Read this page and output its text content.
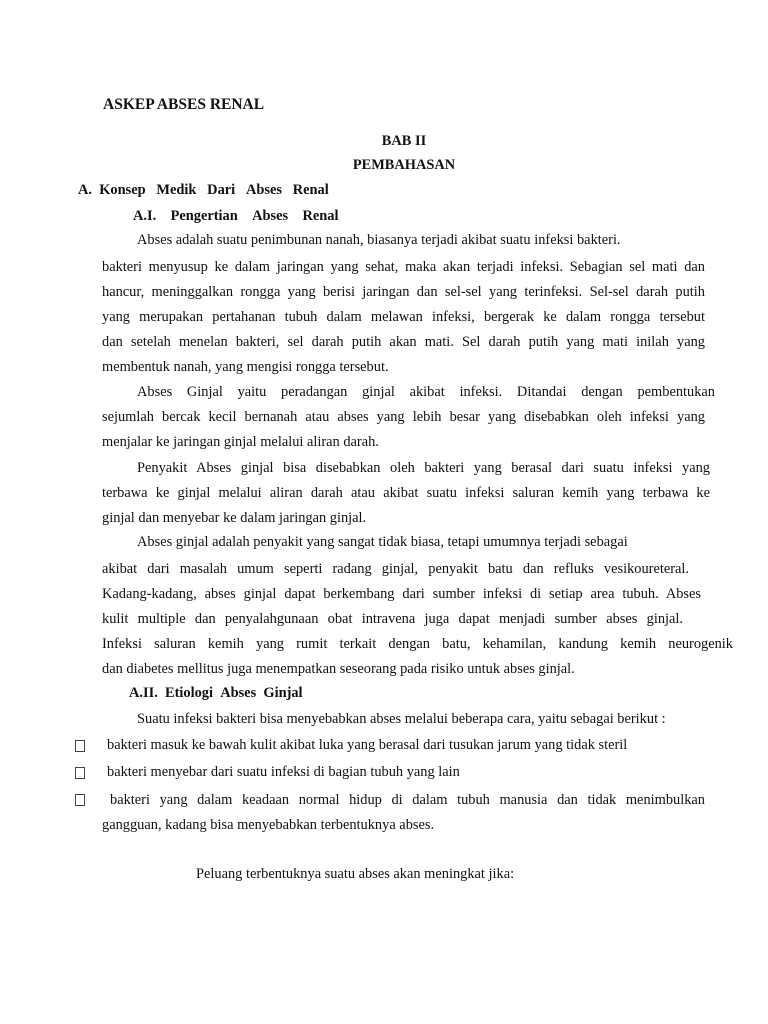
ASKEP ABSES RENAL
BAB II
PEMBAHASAN
A. Konsep Medik Dari Abses Renal
A.I. Pengertian Abses Renal
Abses adalah suatu penimbunan nanah, biasanya terjadi akibat suatu infeksi bakteri.
bakteri menyusup ke dalam jaringan yang sehat, maka akan terjadi infeksi. Sebagian sel mati dan
hancur, meninggalkan rongga yang berisi jaringan dan sel-sel yang terinfeksi. Sel-sel darah putih
yang merupakan pertahanan tubuh dalam melawan infeksi, bergerak ke dalam rongga tersebut
dan setelah menelan bakteri, sel darah putih akan mati. Sel darah putih yang mati inilah yang
membentuk nanah, yang mengisi rongga tersebut.
Abses Ginjal yaitu peradangan ginjal akibat infeksi. Ditandai dengan pembentukan
sejumlah bercak kecil bernanah atau abses yang lebih besar yang disebabkan oleh infeksi yang
menjalar ke jaringan ginjal melalui aliran darah.
Penyakit Abses ginjal bisa disebabkan oleh bakteri yang berasal dari suatu infeksi yang
terbawa ke ginjal melalui aliran darah atau akibat suatu infeksi saluran kemih yang terbawa ke
ginjal dan menyebar ke dalam jaringan ginjal.
Abses ginjal adalah penyakit yang sangat tidak biasa, tetapi umumnya terjadi sebagai
akibat dari masalah umum seperti radang ginjal, penyakit batu dan refluks vesikoureteral.
Kadang-kadang, abses ginjal dapat berkembang dari sumber infeksi di setiap area tubuh. Abses
kulit multiple dan penyalahgunaan obat intravena juga dapat menjadi sumber abses ginjal.
Infeksi saluran kemih yang rumit terkait dengan batu, kehamilan, kandung kemih neurogenik
dan diabetes mellitus juga menempatkan seseorang pada risiko untuk abses ginjal.
A.II. Etiologi Abses Ginjal
Suatu infeksi bakteri bisa menyebabkan abses melalui beberapa cara, yaitu sebagai berikut :
bakteri masuk ke bawah kulit akibat luka yang berasal dari tusukan jarum yang tidak steril
bakteri menyebar dari suatu infeksi di bagian tubuh yang lain
bakteri yang dalam keadaan normal hidup di dalam tubuh manusia dan tidak menimbulkan
gangguan, kadang bisa menyebabkan terbentuknya abses.
Peluang terbentuknya suatu abses akan meningkat jika:
